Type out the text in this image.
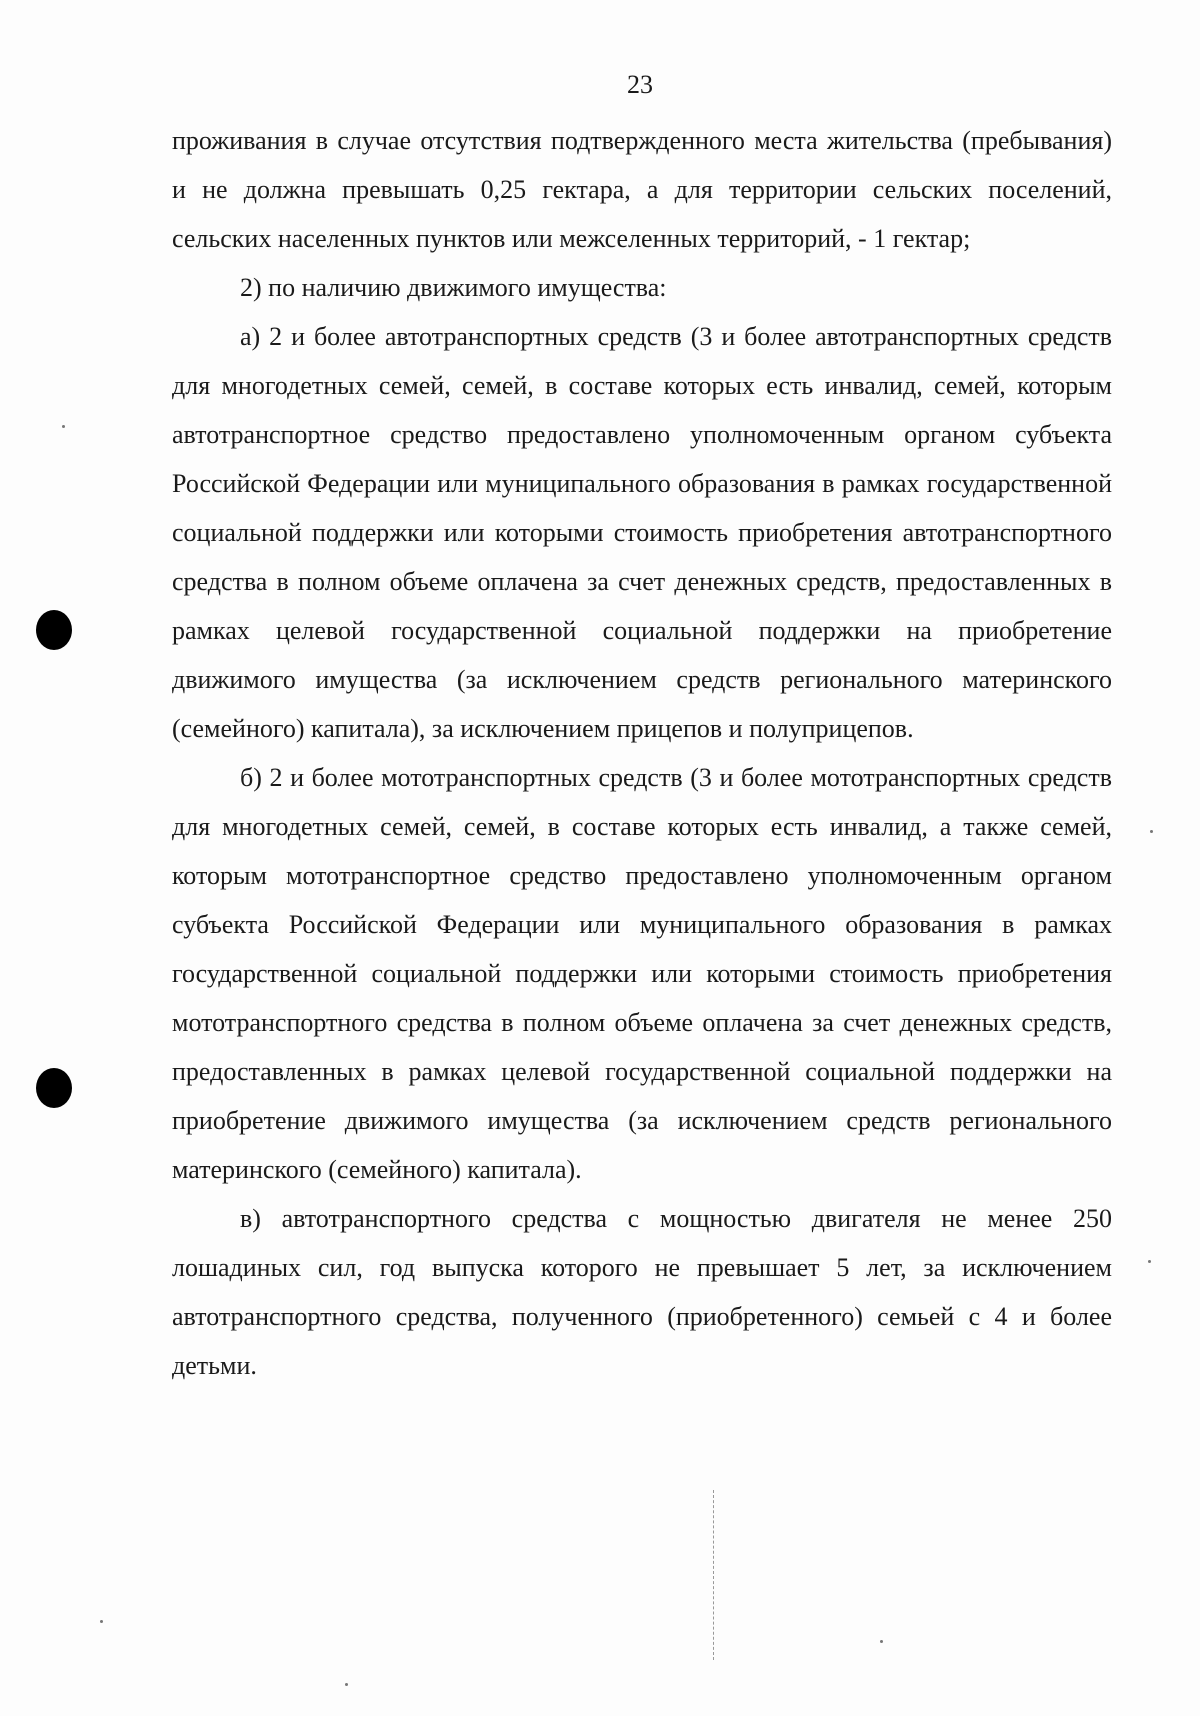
23

проживания в случае отсутствия подтвержденного места жительства (пребывания) и не должна превышать 0,25 гектара, а для территории сельских поселений, сельских населенных пунктов или межселенных территорий, - 1 гектар;

2) по наличию движимого имущества:

а) 2 и более автотранспортных средств (3 и более автотранспортных средств для многодетных семей, семей, в составе которых есть инвалид, семей, которым автотранспортное средство предоставлено уполномоченным органом субъекта Российской Федерации или муниципального образования в рамках государственной социальной поддержки или которыми стоимость приобретения автотранспортного средства в полном объеме оплачена за счет денежных средств, предоставленных в рамках целевой государственной социальной поддержки на приобретение движимого имущества (за исключением средств регионального материнского (семейного) капитала), за исключением прицепов и полуприцепов.

б) 2 и более мототранспортных средств (3 и более мототранспортных средств для многодетных семей, семей, в составе которых есть инвалид, а также семей, которым мототранспортное средство предоставлено уполномоченным органом субъекта Российской Федерации или муниципального образования в рамках государственной социальной поддержки или которыми стоимость приобретения мототранспортного средства в полном объеме оплачена за счет денежных средств, предоставленных в рамках целевой государственной социальной поддержки на приобретение движимого имущества (за исключением средств регионального материнского (семейного) капитала).

в) автотранспортного средства с мощностью двигателя не менее 250 лошадиных сил, год выпуска которого не превышает 5 лет, за исключением автотранспортного средства, полученного (приобретенного) семьей с 4 и более детьми.
